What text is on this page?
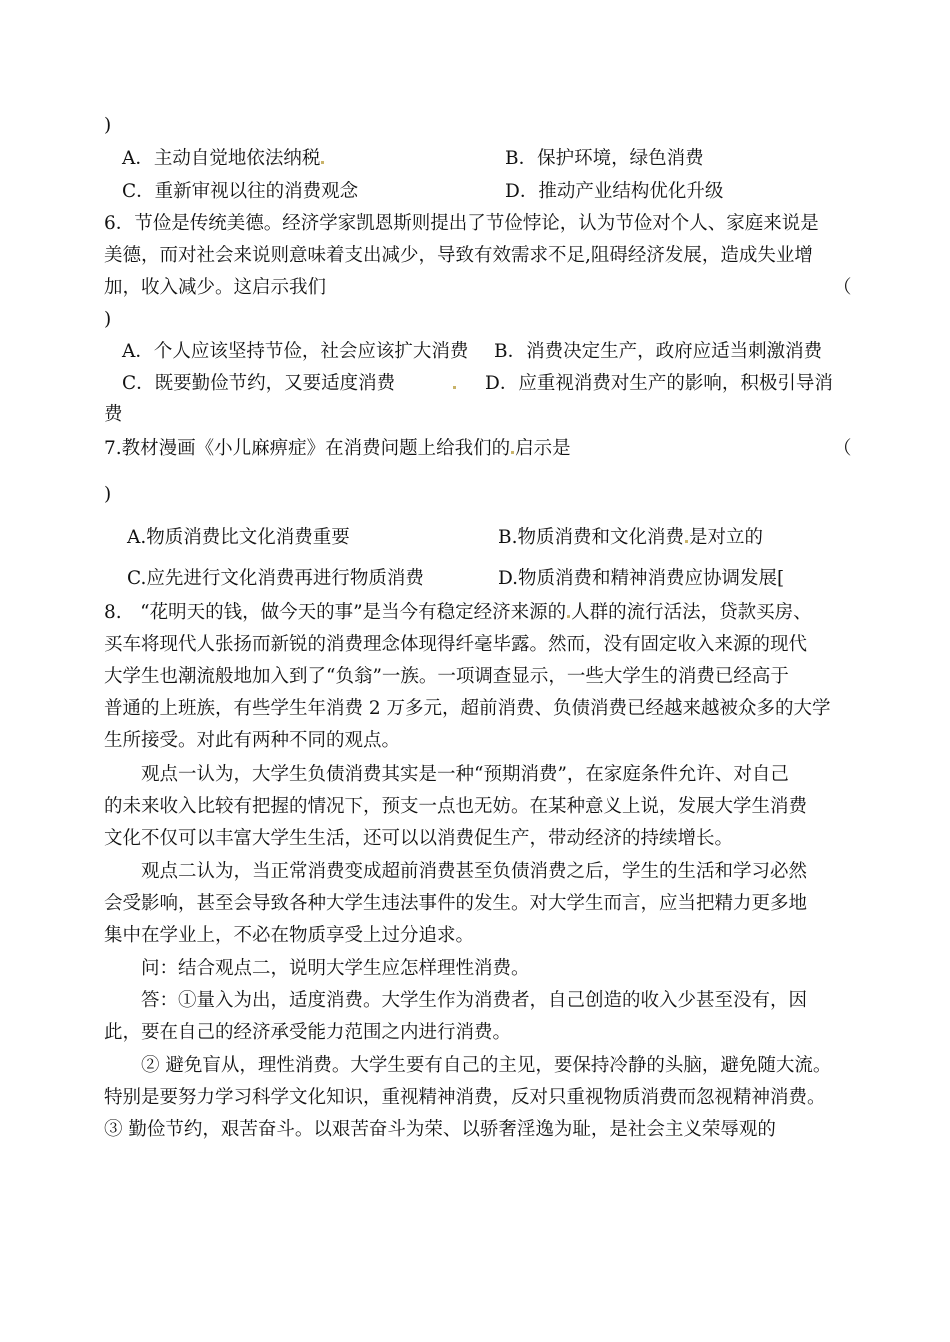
)
A．主动自觉地依法纳税	B．保护环境，绿色消费
C．重新审视以往的消费观念	D．推动产业结构优化升级
6．节俭是传统美德。经济学家凯恩斯则提出了节俭悖论，认为节俭对个人、家庭来说是
美德，而对社会来说则意味着支出减少，导致有效需求不足,阻碍经济发展，造成失业增
加，收入减少。这启示我们	（
)
A．个人应该坚持节俭，社会应该扩大消费 B．消费决定生产，政府应适当刺激消费
C．既要勤俭节约，又要适度消费	D．应重视消费对生产的影响，积极引导消
费
7.教材漫画《小儿麻痹症》在消费问题上给我们的 启示是	（
)
A.物质消费比文化消费重要	B.物质消费和文化消费 是对立的
C.应先进行文化消费再进行物质消费	D.物质消费和精神消费应协调发展[
8.　“花明天的钱，做今天的事”是当今有稳定经济来源的 人群的流行活法，贷款买房、
买车将现代人张扬而新锐的消费理念体现得纤毫毕露。然而，没有固定收入来源的现代
大学生也潮流般地加入到了“负翁”一族。一项调查显示，一些大学生的消费已经高于
普通的上班族，有些学生年消费 2 万多元，超前消费、负债消费已经越来越被众多的大学
生所接受。对此有两种不同的观点。
观点一认为，大学生负债消费其实是一种“预期消费”，在家庭条件允许、对自己
的未来收入比较有把握的情况下，预支一点也无妨。在某种意义上说，发展大学生消费
文化不仅可以丰富大学生生活，还可以以消费促生产，带动经济的持续增长。
观点二认为，当正常消费变成超前消费甚至负债消费之后，学生的生活和学习必然
会受影响，甚至会导致各种大学生违法事件的发生。对大学生而言，应当把精力更多地
集中在学业上，不必在物质享受上过分追求。
问：结合观点二，说明大学生应怎样理性消费。
答：①量入为出，适度消费。大学生作为消费者，自己创造的收入少甚至没有，因
此，要在自己的经济承受能力范围之内进行消费。
② 避免盲从，理性消费。大学生要有自己的主见，要保持冷静的头脑，避免随大流。
特别是要努力学习科学文化知识，重视精神消费，反对只重视物质消费而忽视精神消费。
③ 勤俭节约，艰苦奋斗。以艰苦奋斗为荣、以骄奢淫逸为耻，是社会主义荣辱观的
